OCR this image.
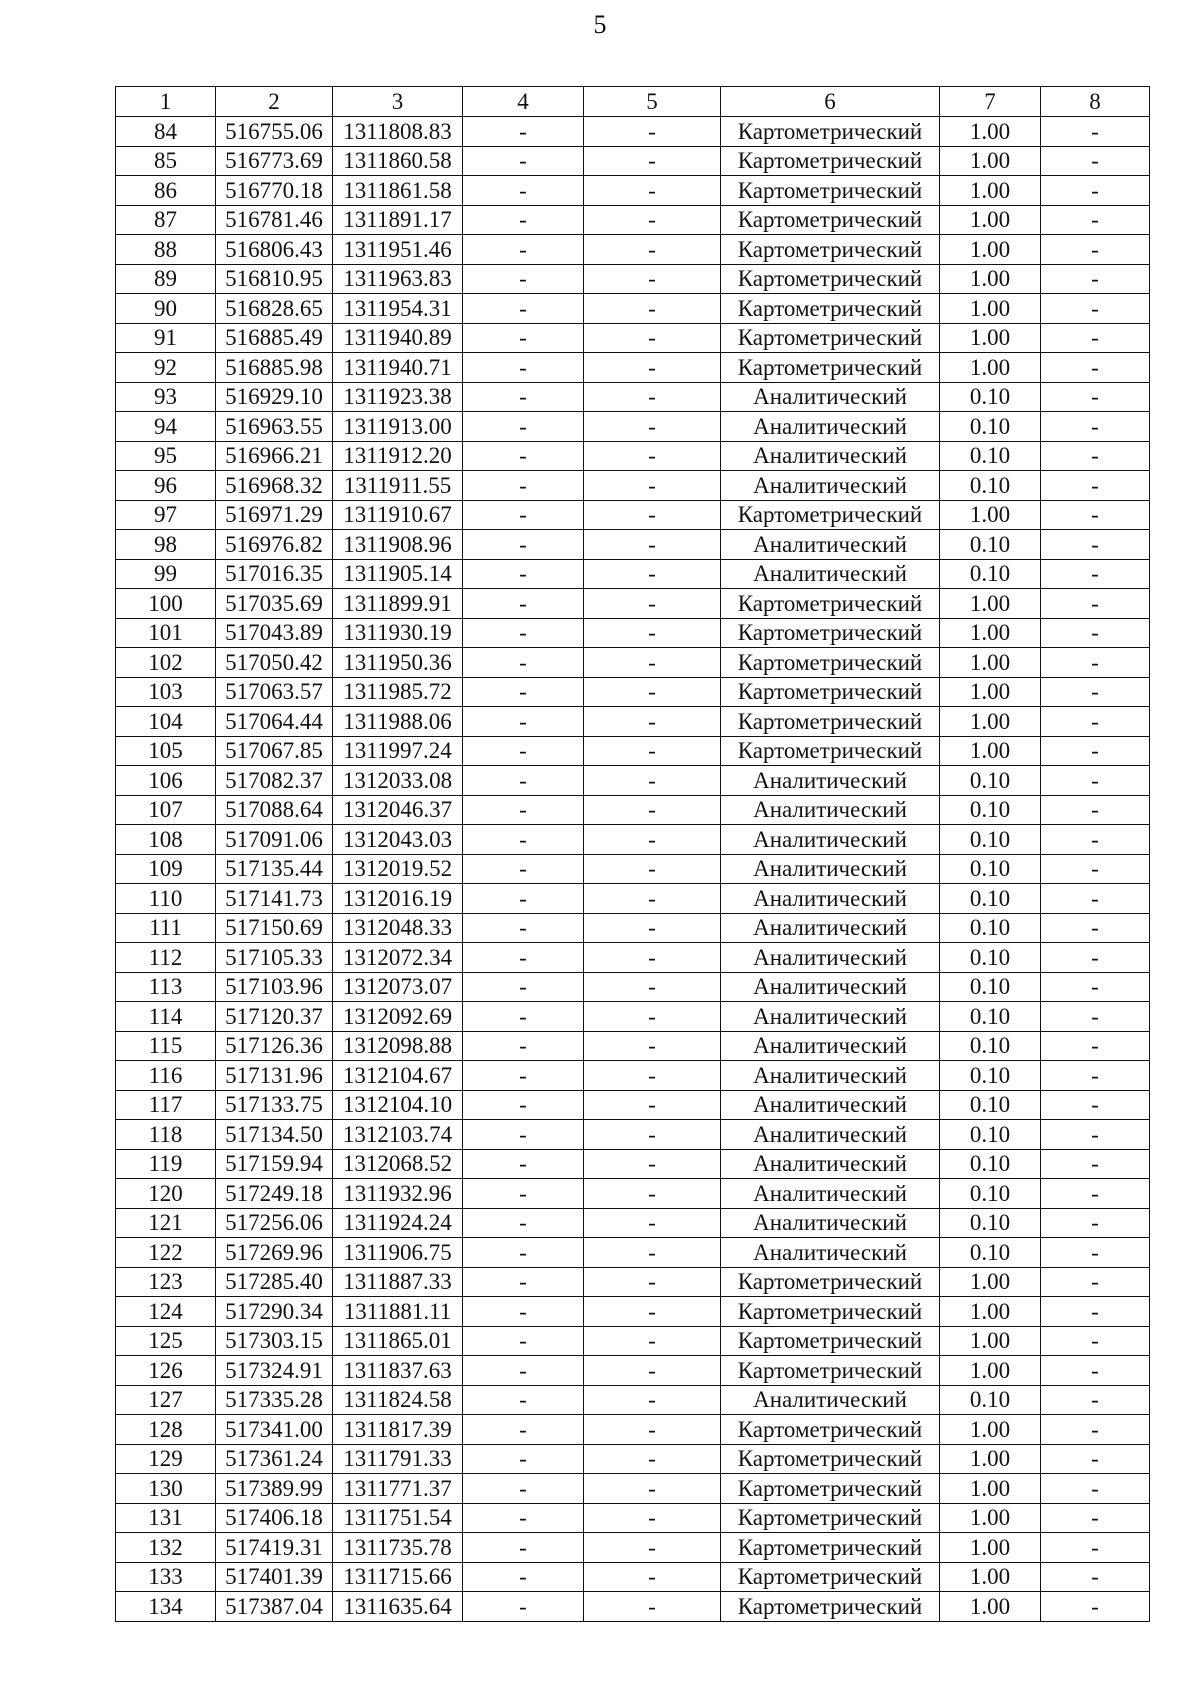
5
1	2	3	4	5	6	7	8
84	516755.06	1311808.83	-	-	Картометрический	1.00	-
85	516773.69	1311860.58	-	-	Картометрический	1.00	-
86	516770.18	1311861.58	-	-	Картометрический	1.00	-
87	516781.46	1311891.17	-	-	Картометрический	1.00	-
88	516806.43	1311951.46	-	-	Картометрический	1.00	-
89	516810.95	1311963.83	-	-	Картометрический	1.00	-
90	516828.65	1311954.31	-	-	Картометрический	1.00	-
91	516885.49	1311940.89	-	-	Картометрический	1.00	-
92	516885.98	1311940.71	-	-	Картометрический	1.00	-
93	516929.10	1311923.38	-	-	Аналитический	0.10	-
94	516963.55	1311913.00	-	-	Аналитический	0.10	-
95	516966.21	1311912.20	-	-	Аналитический	0.10	-
96	516968.32	1311911.55	-	-	Аналитический	0.10	-
97	516971.29	1311910.67	-	-	Картометрический	1.00	-
98	516976.82	1311908.96	-	-	Аналитический	0.10	-
99	517016.35	1311905.14	-	-	Аналитический	0.10	-
100	517035.69	1311899.91	-	-	Картометрический	1.00	-
101	517043.89	1311930.19	-	-	Картометрический	1.00	-
102	517050.42	1311950.36	-	-	Картометрический	1.00	-
103	517063.57	1311985.72	-	-	Картометрический	1.00	-
104	517064.44	1311988.06	-	-	Картометрический	1.00	-
105	517067.85	1311997.24	-	-	Картометрический	1.00	-
106	517082.37	1312033.08	-	-	Аналитический	0.10	-
107	517088.64	1312046.37	-	-	Аналитический	0.10	-
108	517091.06	1312043.03	-	-	Аналитический	0.10	-
109	517135.44	1312019.52	-	-	Аналитический	0.10	-
110	517141.73	1312016.19	-	-	Аналитический	0.10	-
111	517150.69	1312048.33	-	-	Аналитический	0.10	-
112	517105.33	1312072.34	-	-	Аналитический	0.10	-
113	517103.96	1312073.07	-	-	Аналитический	0.10	-
114	517120.37	1312092.69	-	-	Аналитический	0.10	-
115	517126.36	1312098.88	-	-	Аналитический	0.10	-
116	517131.96	1312104.67	-	-	Аналитический	0.10	-
117	517133.75	1312104.10	-	-	Аналитический	0.10	-
118	517134.50	1312103.74	-	-	Аналитический	0.10	-
119	517159.94	1312068.52	-	-	Аналитический	0.10	-
120	517249.18	1311932.96	-	-	Аналитический	0.10	-
121	517256.06	1311924.24	-	-	Аналитический	0.10	-
122	517269.96	1311906.75	-	-	Аналитический	0.10	-
123	517285.40	1311887.33	-	-	Картометрический	1.00	-
124	517290.34	1311881.11	-	-	Картометрический	1.00	-
125	517303.15	1311865.01	-	-	Картометрический	1.00	-
126	517324.91	1311837.63	-	-	Картометрический	1.00	-
127	517335.28	1311824.58	-	-	Аналитический	0.10	-
128	517341.00	1311817.39	-	-	Картометрический	1.00	-
129	517361.24	1311791.33	-	-	Картометрический	1.00	-
130	517389.99	1311771.37	-	-	Картометрический	1.00	-
131	517406.18	1311751.54	-	-	Картометрический	1.00	-
132	517419.31	1311735.78	-	-	Картометрический	1.00	-
133	517401.39	1311715.66	-	-	Картометрический	1.00	-
134	517387.04	1311635.64	-	-	Картометрический	1.00	-
